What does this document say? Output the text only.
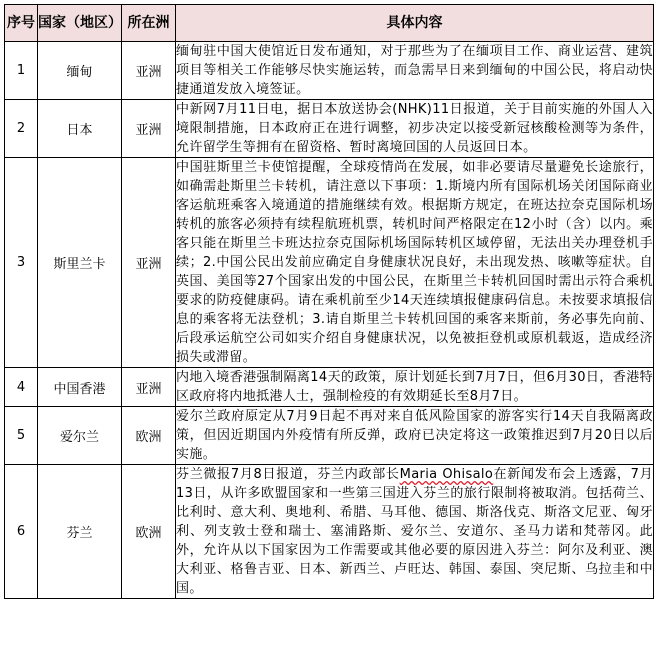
序号	国家（地区）	所在洲	具体内容
1	缅甸	亚洲	缅甸驻中国大使馆近日发布通知，对于那些为了在缅项目工作、商业运营、建筑项目等相关工作能够尽快实施运转，而急需早日来到缅甸的中国公民，将启动快捷通道发放入境签证。
2	日本	亚洲	中新网7月11日电，据日本放送协会(NHK)11日报道，关于目前实施的外国人入境限制措施，日本政府正在进行调整，初步决定以接受新冠核酸检测等为条件，允许留学生等拥有在留资格、暂时离境回国的人员返回日本。
3	斯里兰卡	亚洲	中国驻斯里兰卡使馆提醒，全球疫情尚在发展，如非必要请尽量避免长途旅行，如确需赴斯里兰卡转机，请注意以下事项：1.斯境内所有国际机场关闭国际商业客运航班乘客入境通道的措施继续有效。根据斯方规定，在班达拉奈克国际机场转机的旅客必须持有续程航班机票，转机时间严格限定在12小时（含）以内。乘客只能在斯里兰卡班达拉奈克国际机场国际转机区域停留，无法出关办理登机手续；2.中国公民出发前应确定自身健康状况良好，未出现发热、咳嗽等症状。自英国、美国等27个国家出发的中国公民，在斯里兰卡转机回国时需出示符合乘机要求的防疫健康码。请在乘机前至少14天连续填报健康码信息。未按要求填报信息的乘客将无法登机；3.请自斯里兰卡转机回国的乘客来斯前，务必事先向前、后段承运航空公司如实介绍自身健康状况，以免被拒登机或原机载返，造成经济损失或滞留。
4	中国香港	亚洲	内地入境香港强制隔离14天的政策，原计划延长到7月7日，但6月30日，香港特区政府将内地抵港人士，强制检疫的有效期延长至8月7日。
5	爱尔兰	欧洲	爱尔兰政府原定从7月9日起不再对来自低风险国家的游客实行14天自我隔离政策，但因近期国内外疫情有所反弹，政府已决定将这一政策推迟到7月20日以后实施。
6	芬兰	欧洲	芬兰微报7月8日报道，芬兰内政部长Maria Ohisalo在新闻发布会上透露，7月13日，从许多欧盟国家和一些第三国进入芬兰的旅行限制将被取消。包括荷兰、比利时、意大利、奥地利、希腊、马耳他、德国、斯洛伐克、斯洛文尼亚、匈牙利、列支敦士登和瑞士、塞浦路斯、爱尔兰、安道尔、圣马力诺和梵蒂冈。此外，允许从以下国家因为工作需要或其他必要的原因进入芬兰：阿尔及利亚、澳大利亚、格鲁吉亚、日本、新西兰、卢旺达、韩国、泰国、突尼斯、乌拉圭和中国。
